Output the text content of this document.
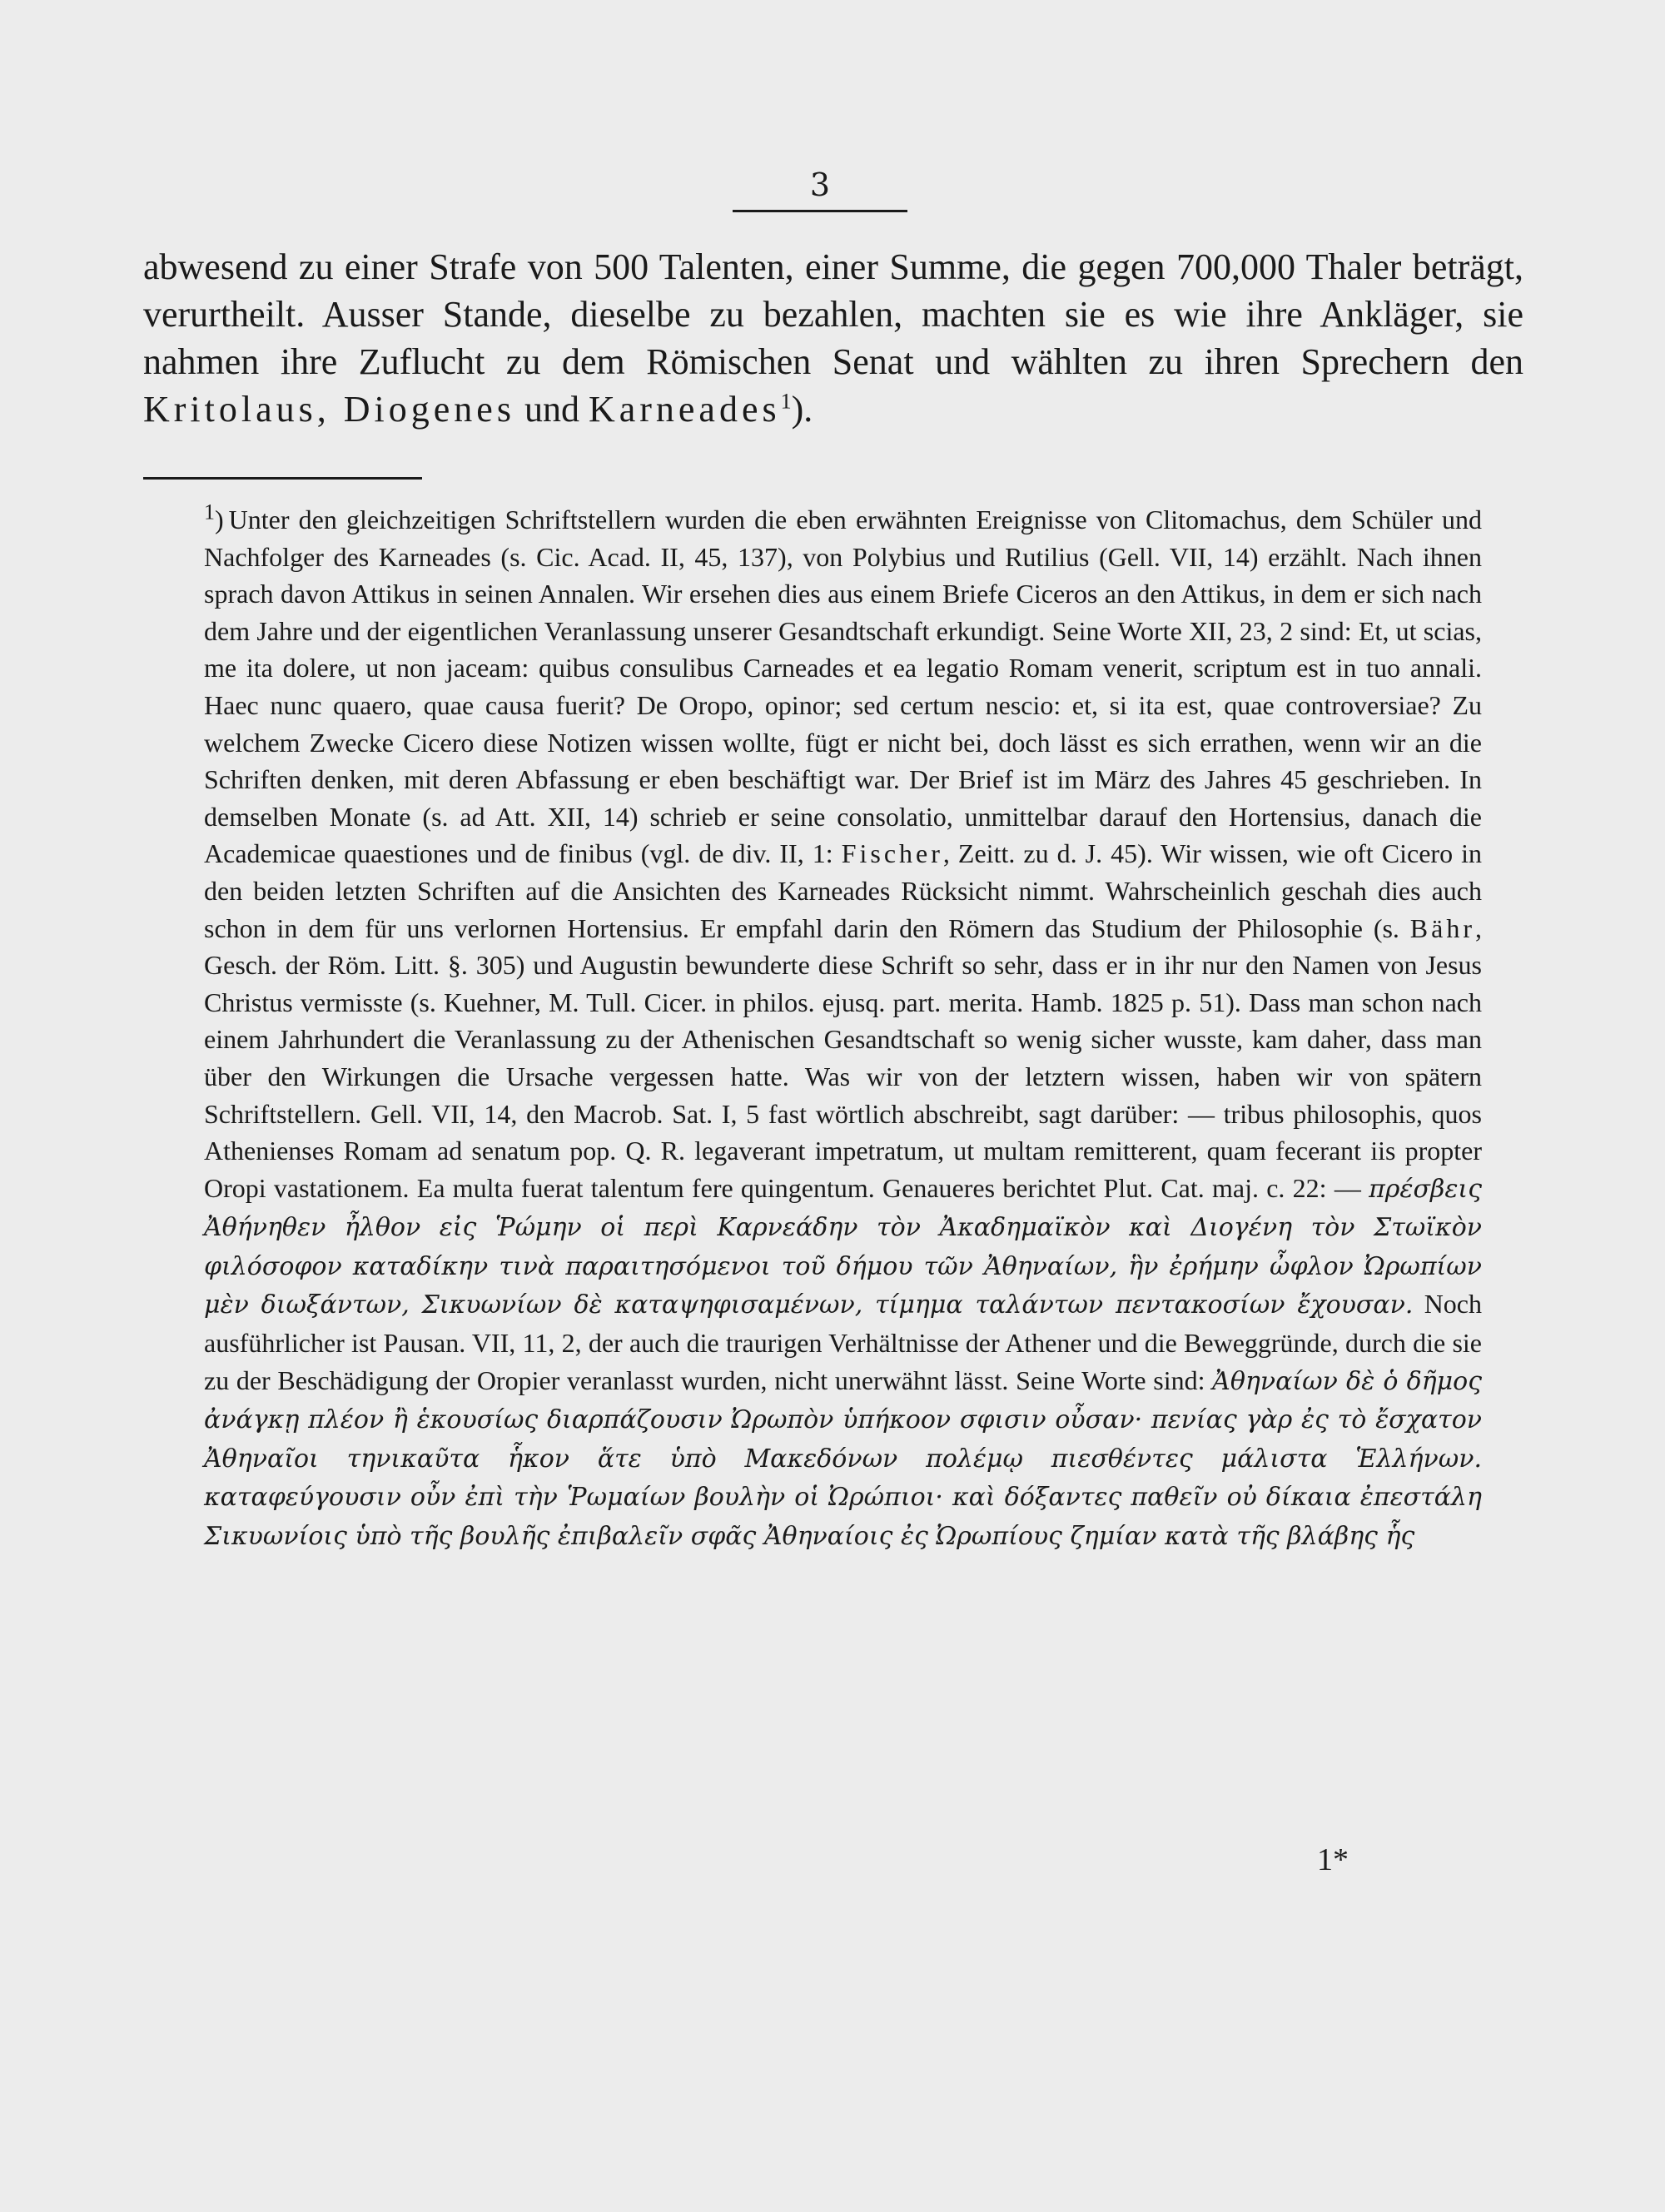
3

abwesend zu einer Strafe von 500 Talenten, einer Summe, die gegen 700,000 Thaler beträgt, verurtheilt. Ausser Stande, dieselbe zu bezahlen, machten sie es wie ihre Ankläger, sie nahmen ihre Zuflucht zu dem Römischen Senat und wählten zu ihren Sprechern den Kritolaus, Diogenes und Karneades$^1$).

$^1$) Unter den gleichzeitigen Schriftstellern wurden die eben erwähnten Ereignisse von Clitomachus, dem Schüler und Nachfolger des Karneades (s. Cic. Acad. II, 45, 137), von Polybius und Rutilius (Gell. VII, 14) erzählt. Nach ihnen sprach davon Attikus in seinen Annalen. Wir ersehen dies aus einem Briefe Ciceros an den Attikus, in dem er sich nach dem Jahre und der eigentlichen Veranlassung unserer Gesandtschaft erkundigt. Seine Worte XII, 23, 2 sind: Et, ut scias, me ita dolere, ut non jaceam: quibus consulibus Carneades et ea legatio Romam venerit, scriptum est in tuo annali. Haec nunc quaero, quae causa fuerit? De Oropo, opinor; sed certum nescio: et, si ita est, quae controversiae? Zu welchem Zwecke Cicero diese Notizen wissen wollte, fügt er nicht bei, doch lässt es sich errathen, wenn wir an die Schriften denken, mit deren Abfassung er eben beschäftigt war. Der Brief ist im März des Jahres 45 geschrieben. In demselben Monate (s. ad Att. XII, 14) schrieb er seine consolatio, unmittelbar darauf den Hortensius, danach die Academicae quaestiones und de finibus (vgl. de div. II, 1: Fischer, Zeitt. zu d. J. 45). Wir wissen, wie oft Cicero in den beiden letzten Schriften auf die Ansichten des Karneades Rücksicht nimmt. Wahrscheinlich geschah dies auch schon in dem für uns verlornen Hortensius. Er empfahl darin den Römern das Studium der Philosophie (s. Bähr, Gesch. der Röm. Litt. §. 305) und Augustin bewunderte diese Schrift so sehr, dass er in ihr nur den Namen von Jesus Christus vermisste (s. Kuehner, M. Tull. Cicer. in philos. ejusq. part. merita. Hamb. 1825 p. 51). Dass man schon nach einem Jahrhundert die Veranlassung zu der Athenischen Gesandtschaft so wenig sicher wusste, kam daher, dass man über den Wirkungen die Ursache vergessen hatte. Was wir von der letztern wissen, haben wir von spätern Schriftstellern. Gell. VII, 14, den Macrob. Sat. I, 5 fast wörtlich abschreibt, sagt darüber: — tribus philosophis, quos Athenienses Romam ad senatum pop. Q. R. legaverant impetratum, ut multam remitterent, quam fecerant iis propter Oropi vastationem. Ea multa fuerat talentum fere quingentum. Genaueres berichtet Plut. Cat. maj. c. 22: — πρέσβεις Ἀθήνηθεν ἦλθον εἰς Ῥώμην οἱ περὶ Καρνεάδην τὸν Ἀκαδημαϊκὸν καὶ Διογένη τὸν Στωϊκὸν φιλόσοφον καταδίκην τινὰ παραιτησόμενοι τοῦ δήμου τῶν Ἀθηναίων, ἣν ἐρήμην ὦφλον Ὠρωπίων μὲν διωξάντων, Σικυωνίων δὲ καταψηφισαμένων, τίμημα ταλάντων πεντακοσίων ἔχουσαν. Noch ausführlicher ist Pausan. VII, 11, 2, der auch die traurigen Verhältnisse der Athener und die Beweggründe, durch die sie zu der Beschädigung der Oropier veranlasst wurden, nicht unerwähnt lässt. Seine Worte sind: Ἀθηναίων δὲ ὁ δῆμος ἀνάγκῃ πλέον ἢ ἑκουσίως διαρπάζουσιν Ὠρωπὸν ὑπήκοον σφισιν οὖσαν· πενίας γὰρ ἐς τὸ ἔσχατον Ἀθηναῖοι τηνικαῦτα ἧκον ἅτε ὑπὸ Μακεδόνων πολέμῳ πιεσθέντες μάλιστα Ἑλλήνων. καταφεύγουσιν οὖν ἐπὶ τὴν Ῥωμαίων βουλὴν οἱ Ὠρώπιοι· καὶ δόξαντες παθεῖν οὐ δίκαια ἐπεστάλη Σικυωνίοις ὑπὸ τῆς βουλῆς ἐπιβαλεῖν σφᾶς Ἀθηναίοις ἐς Ὠρωπίους ζημίαν κατὰ τῆς βλάβης ἧς

1*
